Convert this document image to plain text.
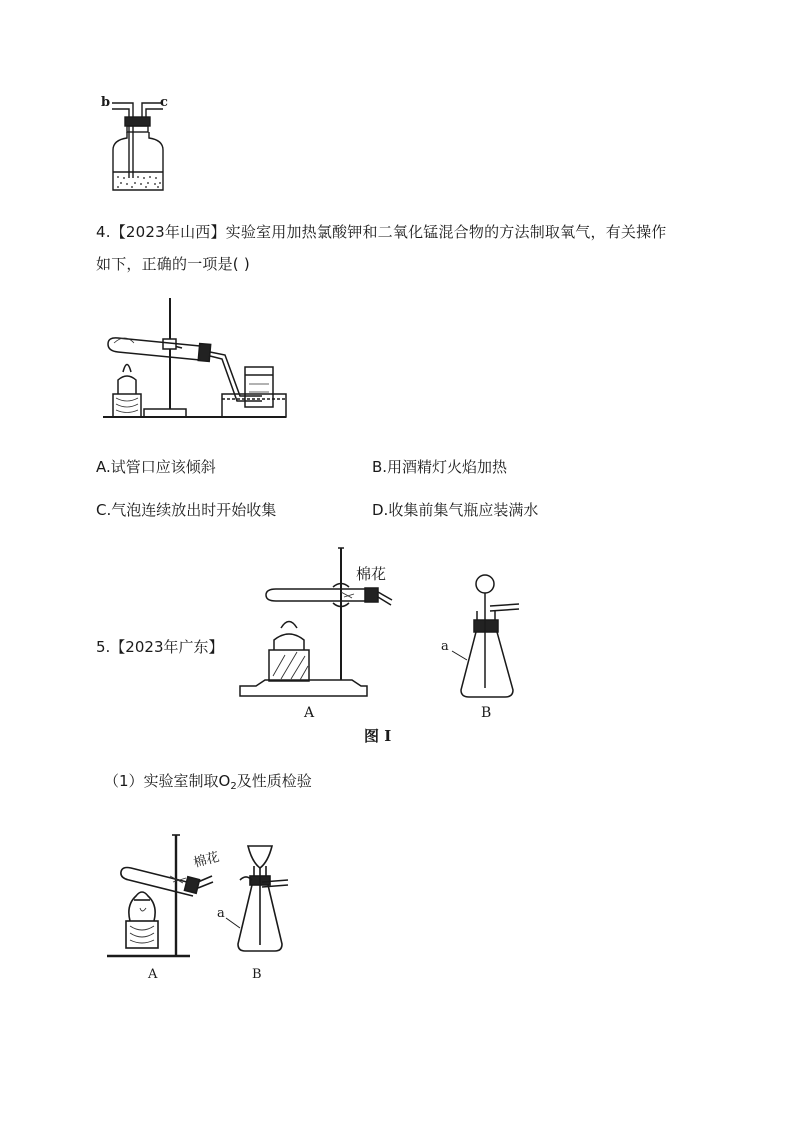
b	c
4.【2023年山西】实验室用加热氯酸钾和二氧化锰混合物的方法制取氧气，有关操作
如下，正确的一项是( )
A.试管口应该倾斜	B.用酒精灯火焰加热
C.气泡连续放出时开始收集	D.收集前集气瓶应装满水
5.【2023年广东】
棉花
a
A	B
图 I
（1）实验室制取$O_2$及性质检验
棉花
a
A	B
